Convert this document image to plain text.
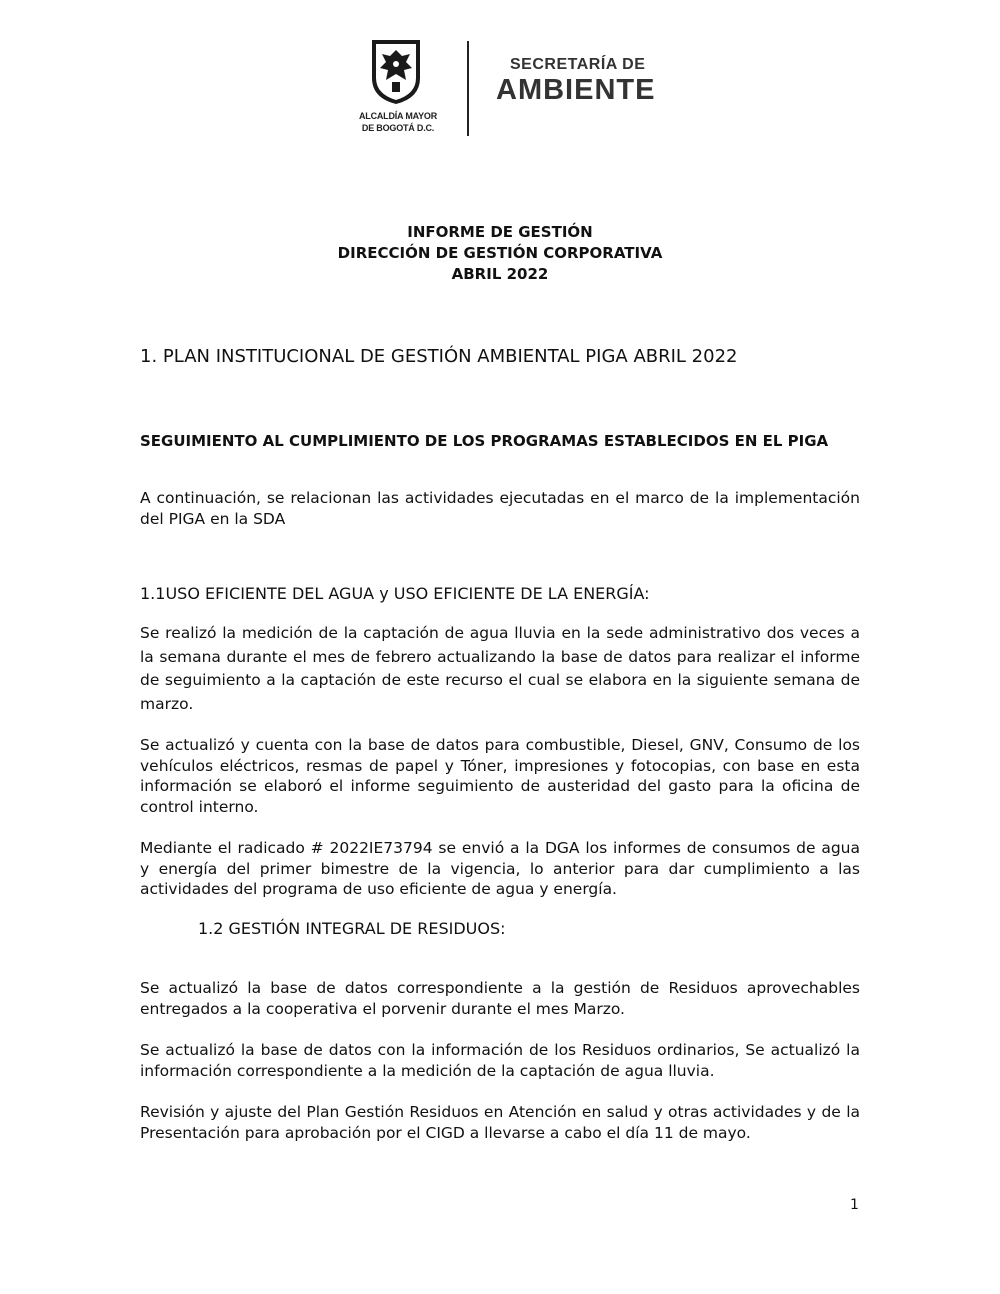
ALCALDÍA MAYOR
DE BOGOTÁ D.C.
SECRETARÍA DE
AMBIENTE
INFORME DE GESTIÓN
DIRECCIÓN DE GESTIÓN CORPORATIVA
ABRIL 2022
1. PLAN INSTITUCIONAL DE GESTIÓN AMBIENTAL PIGA ABRIL 2022
SEGUIMIENTO AL CUMPLIMIENTO DE LOS PROGRAMAS ESTABLECIDOS EN EL PIGA
A continuación, se relacionan las actividades ejecutadas en el marco de la implementación del PIGA en la SDA
1.1USO EFICIENTE DEL AGUA y USO EFICIENTE DE LA ENERGÍA:
Se realizó la medición de la captación de agua lluvia en la sede administrativo dos veces a la semana durante el mes de febrero actualizando la base de datos para realizar el informe de seguimiento a la captación de este recurso el cual se elabora en la siguiente semana de marzo.
Se actualizó y cuenta con la base de datos para combustible, Diesel, GNV, Consumo de los vehículos eléctricos, resmas de papel y Tóner, impresiones y fotocopias, con base en esta información se elaboró el informe seguimiento de austeridad del gasto para la oficina de control interno.
Mediante el radicado # 2022IE73794 se envió a la DGA los informes de consumos de agua y energía del primer bimestre de la vigencia, lo anterior para dar cumplimiento a las actividades del programa de uso eficiente de agua y energía.
1.2 GESTIÓN INTEGRAL DE RESIDUOS:
Se actualizó la base de datos correspondiente a la gestión de Residuos aprovechables entregados a la cooperativa el porvenir durante el mes Marzo.
Se actualizó la base de datos con la información de los Residuos ordinarios, Se actualizó la información correspondiente a la medición de la captación de agua lluvia.
Revisión y ajuste del Plan Gestión Residuos en Atención en salud y otras actividades y de la Presentación para aprobación por el CIGD a llevarse a cabo el día 11 de mayo.
1
